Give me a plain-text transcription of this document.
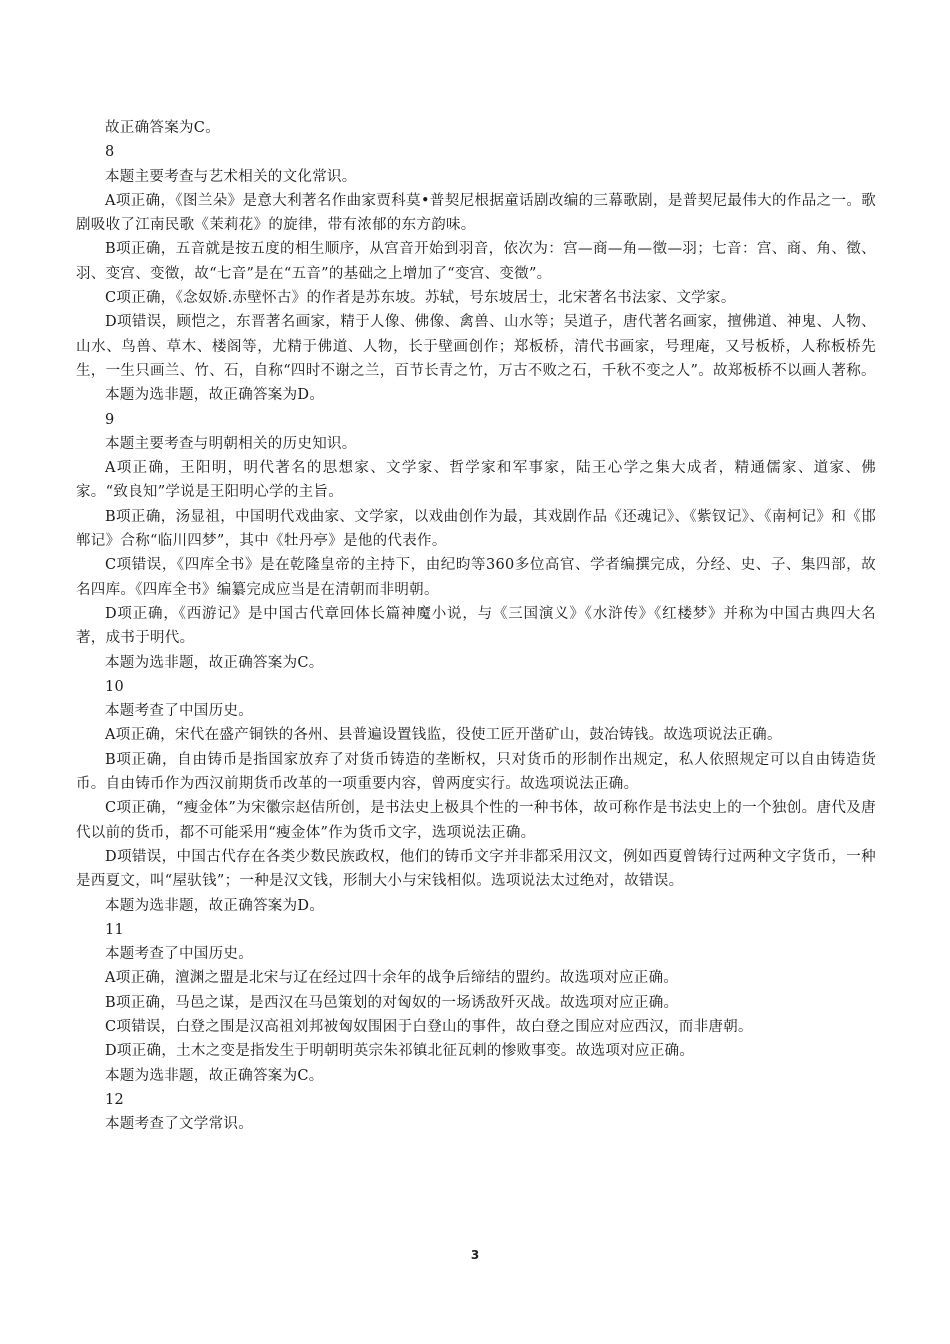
故正确答案为C。

8

本题主要考查与艺术相关的文化常识。

A项正确，《图兰朵》是意大利著名作曲家贾科莫•普契尼根据童话剧改编的三幕歌剧，是普契尼最伟大的作品之一。歌剧吸收了江南民歌《茉莉花》的旋律，带有浓郁的东方韵味。

B项正确，五音就是按五度的相生顺序，从宫音开始到羽音，依次为：宫—商—角—徵—羽；七音：宫、商、角、徵、羽、变宫、变徵，故“七音”是在“五音”的基础之上增加了“变宫、变徵”。

C项正确，《念奴娇.赤壁怀古》的作者是苏东坡。苏轼，号东坡居士，北宋著名书法家、文学家。

D项错误，顾恺之，东晋著名画家，精于人像、佛像、禽兽、山水等；吴道子，唐代著名画家，擅佛道、神鬼、人物、山水、鸟兽、草木、楼阁等，尤精于佛道、人物，长于壁画创作；郑板桥，清代书画家，号理庵，又号板桥，人称板桥先生，一生只画兰、竹、石，自称“四时不谢之兰，百节长青之竹，万古不败之石，千秋不变之人”。故郑板桥不以画人著称。

本题为选非题，故正确答案为D。

9

本题主要考查与明朝相关的历史知识。

A项正确，王阳明，明代著名的思想家、文学家、哲学家和军事家，陆王心学之集大成者，精通儒家、道家、佛家。“致良知”学说是王阳明心学的主旨。

B项正确，汤显祖，中国明代戏曲家、文学家，以戏曲创作为最，其戏剧作品《还魂记》、《紫钗记》、《南柯记》和《邯郸记》合称“临川四梦”，其中《牡丹亭》是他的代表作。

C项错误，《四库全书》是在乾隆皇帝的主持下，由纪昀等360多位高官、学者编撰完成，分经、史、子、集四部，故名四库。《四库全书》编纂完成应当是在清朝而非明朝。

D项正确，《西游记》是中国古代章回体长篇神魔小说，与《三国演义》《水浒传》《红楼梦》并称为中国古典四大名著，成书于明代。

本题为选非题，故正确答案为C。

10

本题考查了中国历史。

A项正确，宋代在盛产铜铁的各州、县普遍设置钱监，役使工匠开凿矿山，鼓冶铸钱。故选项说法正确。

B项正确，自由铸币是指国家放弃了对货币铸造的垄断权，只对货币的形制作出规定，私人依照规定可以自由铸造货币。自由铸币作为西汉前期货币改革的一项重要内容，曾两度实行。故选项说法正确。

C项正确，“瘦金体”为宋徽宗赵佶所创，是书法史上极具个性的一种书体，故可称作是书法史上的一个独创。唐代及唐代以前的货币，都不可能采用“瘦金体”作为货币文字，选项说法正确。

D项错误，中国古代存在各类少数民族政权，他们的铸币文字并非都采用汉文，例如西夏曾铸行过两种文字货币，一种是西夏文，叫“屋驮钱”；一种是汉文钱，形制大小与宋钱相似。选项说法太过绝对，故错误。

本题为选非题，故正确答案为D。

11

本题考查了中国历史。

A项正确，澶渊之盟是北宋与辽在经过四十余年的战争后缔结的盟约。故选项对应正确。

B项正确，马邑之谋，是西汉在马邑策划的对匈奴的一场诱敌歼灭战。故选项对应正确。

C项错误，白登之围是汉高祖刘邦被匈奴围困于白登山的事件，故白登之围应对应西汉，而非唐朝。

D项正确，土木之变是指发生于明朝明英宗朱祁镇北征瓦剌的惨败事变。故选项对应正确。

本题为选非题，故正确答案为C。

12

本题考查了文学常识。

3
